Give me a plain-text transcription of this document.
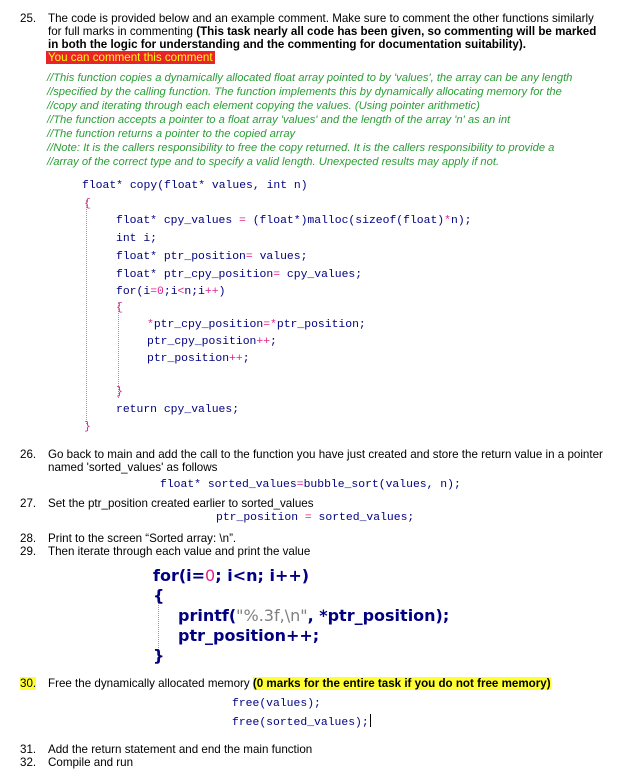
25.	The code is provided below and an example comment. Make sure to comment the other functions similarly
for full marks in commenting (This task nearly all code has been given, so commenting will be marked
in both the logic for understanding and the commenting for documentation suitability).
You can comment this comment
//This function copies a dynamically allocated float array pointed to by 'values', the array can be any length
//specified by the calling function. The function implements this by dynamically allocating memory for the
//copy and iterating through each element copying the values. (Using pointer arithmetic)
//The function accepts a pointer to a float array 'values' and the length of the array 'n' as an int
//The function returns a pointer to the copied array
//Note: It is the callers responsibility to free the copy returned. It is the callers responsibility to provide a
//array of the correct type and to specify a valid length. Unexpected results may apply if not.
float* copy(float* values, int n)
{
float* cpy_values = (float*)malloc(sizeof(float)*n);
int i;
float* ptr_position= values;
float* ptr_cpy_position= cpy_values;
for(i=0;i<n;i++)
{
*ptr_cpy_position=*ptr_position;
ptr_cpy_position++;
ptr_position++;
}
return cpy_values;
}
26.	Go back to main and add the call to the function you have just created and store the return value in a pointer
named 'sorted_values' as follows
float* sorted_values=bubble_sort(values, n);
27.	Set the ptr_position created earlier to sorted_values
ptr_position = sorted_values;
28.	Print to the screen “Sorted array: \n”.
29.	Then iterate through each value and print the value
for(i=0; i<n; i++)
{
printf("%.3f,\n", *ptr_position);
ptr_position++;
}
30.	Free the dynamically allocated memory (0 marks for the entire task if you do not free memory)
free(values);
free(sorted_values);
31.	Add the return statement and end the main function
32.	Compile and run
